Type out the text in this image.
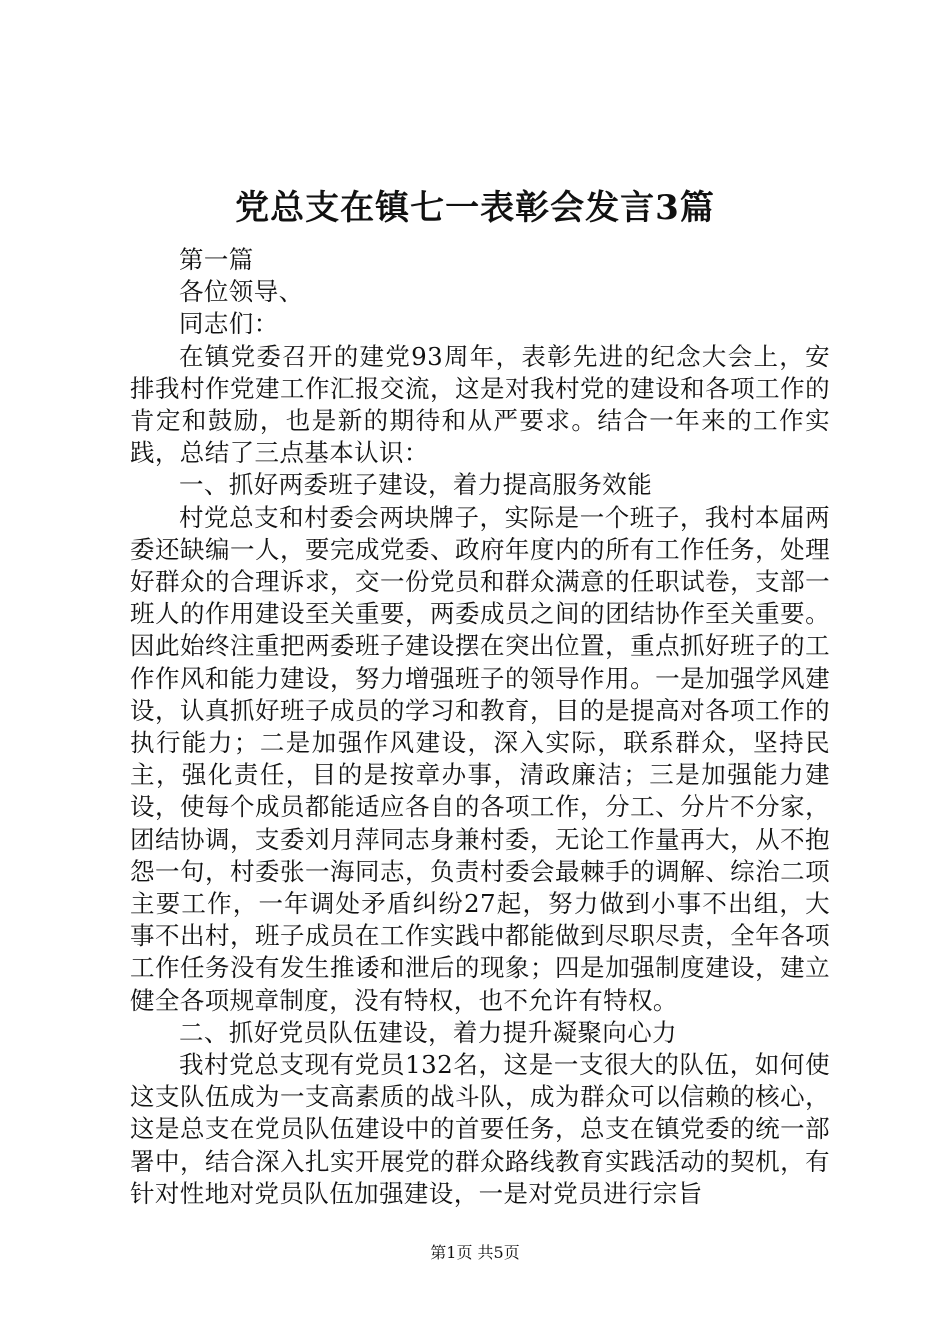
党总支在镇七一表彰会发言3篇

第一篇

各位领导、

同志们：

在镇党委召开的建党93周年，表彰先进的纪念大会上，安排我村作党建工作汇报交流，这是对我村党的建设和各项工作的肯定和鼓励，也是新的期待和从严要求。结合一年来的工作实践，总结了三点基本认识：

一、抓好两委班子建设，着力提高服务效能

村党总支和村委会两块牌子，实际是一个班子，我村本届两委还缺编一人，要完成党委、政府年度内的所有工作任务，处理好群众的合理诉求，交一份党员和群众满意的任职试卷，支部一班人的作用建设至关重要，两委成员之间的团结协作至关重要。因此始终注重把两委班子建设摆在突出位置，重点抓好班子的工作作风和能力建设，努力增强班子的领导作用。一是加强学风建设，认真抓好班子成员的学习和教育，目的是提高对各项工作的执行能力；二是加强作风建设，深入实际，联系群众，坚持民主，强化责任，目的是按章办事，清政廉洁；三是加强能力建设，使每个成员都能适应各自的各项工作，分工、分片不分家，团结协调，支委刘月萍同志身兼村委，无论工作量再大，从不抱怨一句，村委张一海同志，负责村委会最棘手的调解、综治二项主要工作，一年调处矛盾纠纷27起，努力做到小事不出组，大事不出村，班子成员在工作实践中都能做到尽职尽责，全年各项工作任务没有发生推诿和泄后的现象；四是加强制度建设，建立健全各项规章制度，没有特权，也不允许有特权。

二、抓好党员队伍建设，着力提升凝聚向心力

我村党总支现有党员132名，这是一支很大的队伍，如何使这支队伍成为一支高素质的战斗队，成为群众可以信赖的核心，这是总支在党员队伍建设中的首要任务，总支在镇党委的统一部署中，结合深入扎实开展党的群众路线教育实践活动的契机，有针对性地对党员队伍加强建设，一是对党员进行宗旨

第1页 共5页
